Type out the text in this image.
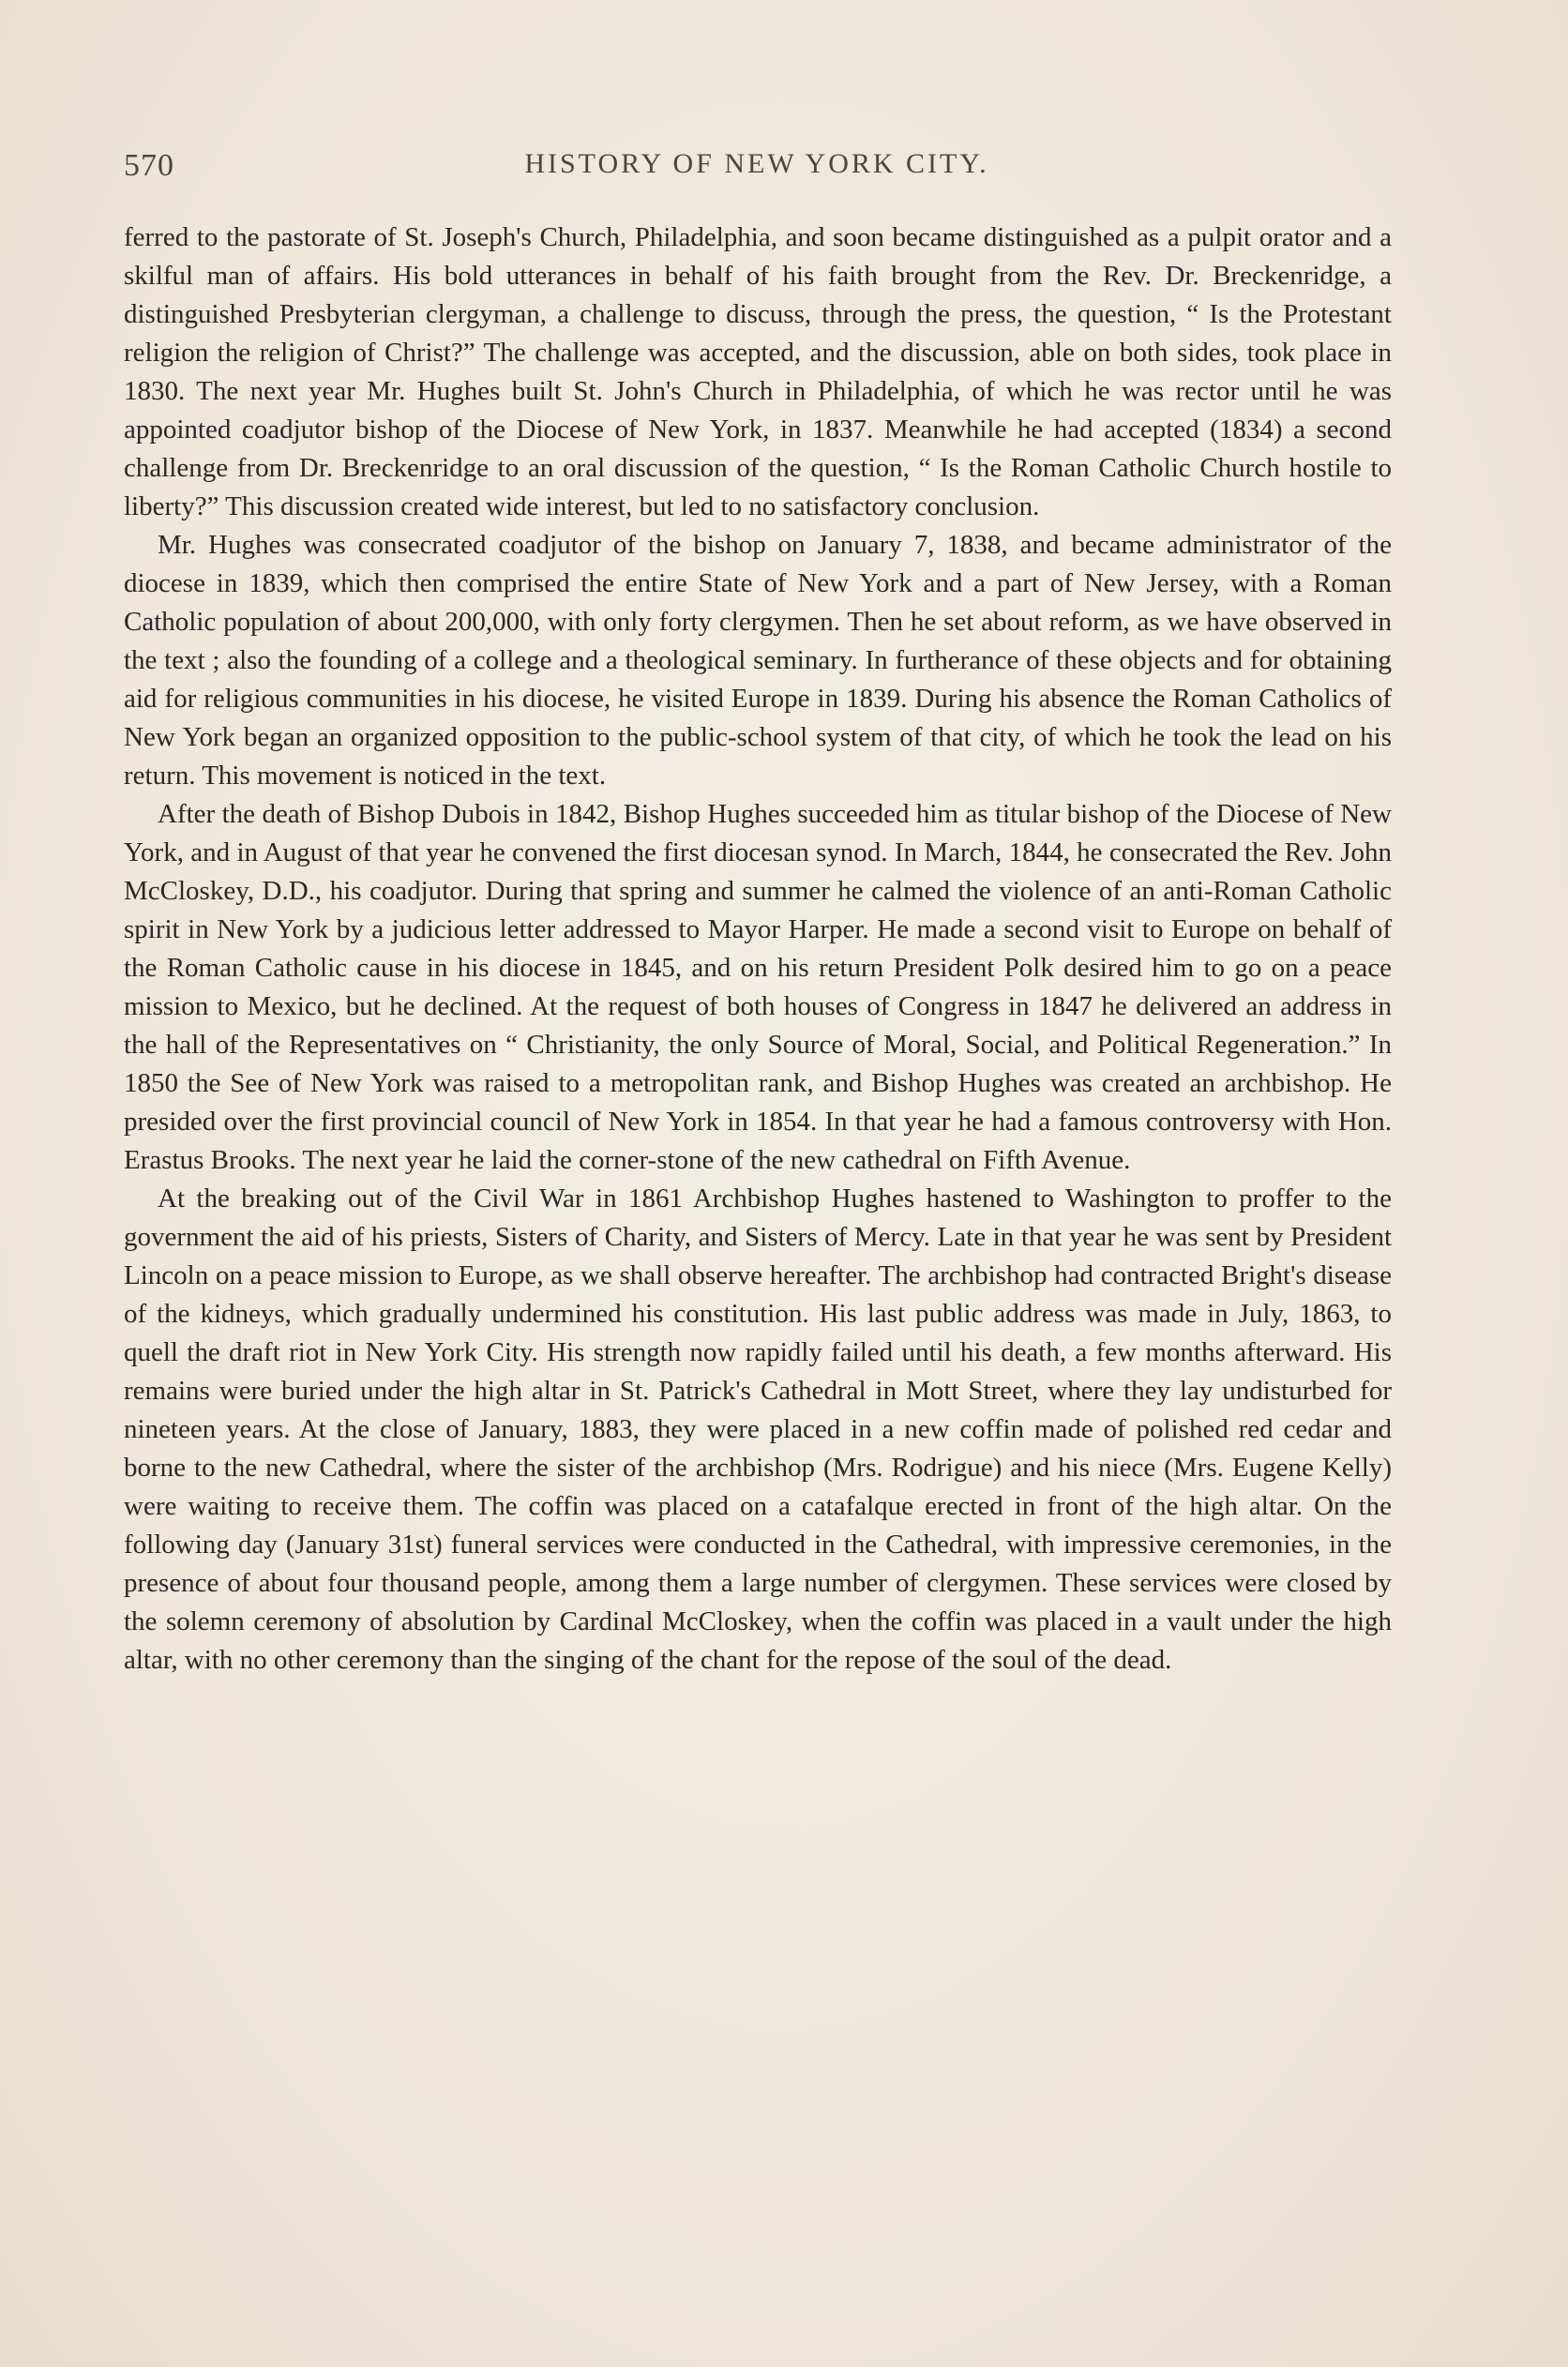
570	HISTORY OF NEW YORK CITY.

ferred to the pastorate of St. Joseph's Church, Philadelphia, and soon became distinguished as a pulpit orator and a skilful man of affairs. His bold utterances in behalf of his faith brought from the Rev. Dr. Breckenridge, a distinguished Presbyterian clergyman, a challenge to discuss, through the press, the question, “ Is the Protestant religion the religion of Christ?” The challenge was accepted, and the discussion, able on both sides, took place in 1830. The next year Mr. Hughes built St. John's Church in Philadelphia, of which he was rector until he was appointed coadjutor bishop of the Diocese of New York, in 1837. Meanwhile he had accepted (1834) a second challenge from Dr. Breckenridge to an oral discussion of the question, “ Is the Roman Catholic Church hostile to liberty?” This discussion created wide interest, but led to no satisfactory conclusion.

Mr. Hughes was consecrated coadjutor of the bishop on January 7, 1838, and became administrator of the diocese in 1839, which then comprised the entire State of New York and a part of New Jersey, with a Roman Catholic population of about 200,000, with only forty clergymen. Then he set about reform, as we have observed in the text ; also the founding of a college and a theological seminary. In furtherance of these objects and for obtaining aid for religious communities in his diocese, he visited Europe in 1839. During his absence the Roman Catholics of New York began an organized opposition to the public-school system of that city, of which he took the lead on his return. This movement is noticed in the text.

After the death of Bishop Dubois in 1842, Bishop Hughes succeeded him as titular bishop of the Diocese of New York, and in August of that year he convened the first diocesan synod. In March, 1844, he consecrated the Rev. John McCloskey, D.D., his coadjutor. During that spring and summer he calmed the violence of an anti-Roman Catholic spirit in New York by a judicious letter addressed to Mayor Harper. He made a second visit to Europe on behalf of the Roman Catholic cause in his diocese in 1845, and on his return President Polk desired him to go on a peace mission to Mexico, but he declined. At the request of both houses of Congress in 1847 he delivered an address in the hall of the Representatives on “ Christianity, the only Source of Moral, Social, and Political Regeneration.” In 1850 the See of New York was raised to a metropolitan rank, and Bishop Hughes was created an archbishop. He presided over the first provincial council of New York in 1854. In that year he had a famous controversy with Hon. Erastus Brooks. The next year he laid the corner-stone of the new cathedral on Fifth Avenue.

At the breaking out of the Civil War in 1861 Archbishop Hughes hastened to Washington to proffer to the government the aid of his priests, Sisters of Charity, and Sisters of Mercy. Late in that year he was sent by President Lincoln on a peace mission to Europe, as we shall observe hereafter. The archbishop had contracted Bright's disease of the kidneys, which gradually undermined his constitution. His last public address was made in July, 1863, to quell the draft riot in New York City. His strength now rapidly failed until his death, a few months afterward. His remains were buried under the high altar in St. Patrick's Cathedral in Mott Street, where they lay undisturbed for nineteen years. At the close of January, 1883, they were placed in a new coffin made of polished red cedar and borne to the new Cathedral, where the sister of the archbishop (Mrs. Rodrigue) and his niece (Mrs. Eugene Kelly) were waiting to receive them. The coffin was placed on a catafalque erected in front of the high altar. On the following day (January 31st) funeral services were conducted in the Cathedral, with impressive ceremonies, in the presence of about four thousand people, among them a large number of clergymen. These services were closed by the solemn ceremony of absolution by Cardinal McCloskey, when the coffin was placed in a vault under the high altar, with no other ceremony than the singing of the chant for the repose of the soul of the dead.
